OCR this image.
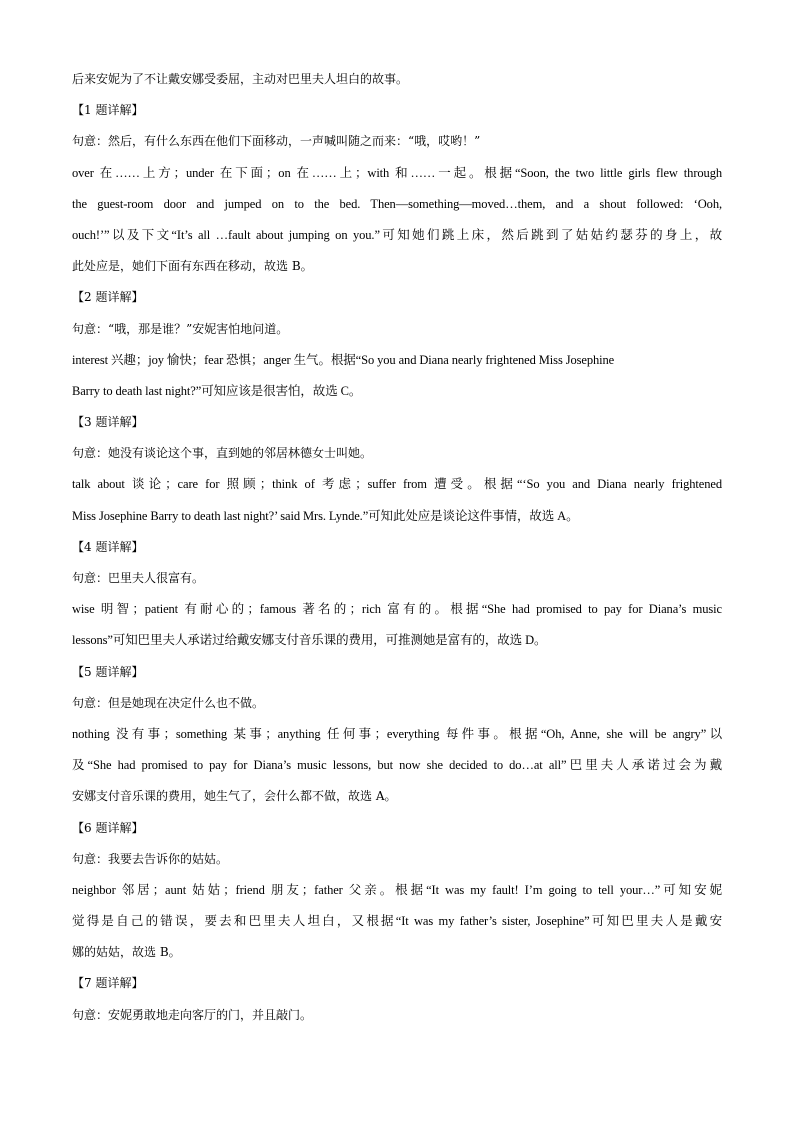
后来安妮为了不让戴安娜受委屈，主动对巴里夫人坦白的故事。
【1 题详解】
句意：然后，有什么东西在他们下面移动，一声喊叫随之而来：“哦，哎哟！”
over 在……上方；under 在下面；on 在……上；with 和……一起。根据“Soon, the two little girls flew through
the guest-room door and jumped on to the bed. Then—something—moved…them, and a shout followed: ‘Ooh,
ouch!’”以及下文“It’s all …fault about jumping on you.”可知她们跳上床，然后跳到了姑姑约瑟芬的身上，故
此处应是，她们下面有东西在移动，故选 B。
【2 题详解】
句意：“哦，那是谁？”安妮害怕地问道。
interest 兴趣；joy 愉快；fear 恐惧；anger 生气。根据“So you and Diana nearly frightened Miss Josephine
Barry to death last night?”可知应该是很害怕，故选 C。
【3 题详解】
句意：她没有谈论这个事，直到她的邻居林德女士叫她。
talk about 谈论；care for 照顾；think of 考虑；suffer from 遭受。根据“‘So you and Diana nearly frightened
Miss Josephine Barry to death last night?’ said Mrs. Lynde.”可知此处应是谈论这件事情，故选 A。
【4 题详解】
句意：巴里夫人很富有。
wise 明智；patient 有耐心的；famous 著名的；rich 富有的。根据“She had promised to pay for Diana’s music
lessons”可知巴里夫人承诺过给戴安娜支付音乐课的费用，可推测她是富有的，故选 D。
【5 题详解】
句意：但是她现在决定什么也不做。
nothing 没有事；something 某事；anything 任何事；everything 每件事。根据“Oh, Anne, she will be angry”以
及“She had promised to pay for Diana’s music lessons, but now she decided to do…at all”巴里夫人承诺过会为戴
安娜支付音乐课的费用，她生气了，会什么都不做，故选 A。
【6 题详解】
句意：我要去告诉你的姑姑。
neighbor 邻居；aunt 姑姑；friend 朋友；father 父亲。根据“It was my fault! I’m going to tell your…”可知安妮
觉得是自己的错误，要去和巴里夫人坦白，又根据“It was my father’s sister, Josephine”可知巴里夫人是戴安
娜的姑姑，故选 B。
【7 题详解】
句意：安妮勇敢地走向客厅的门，并且敲门。
